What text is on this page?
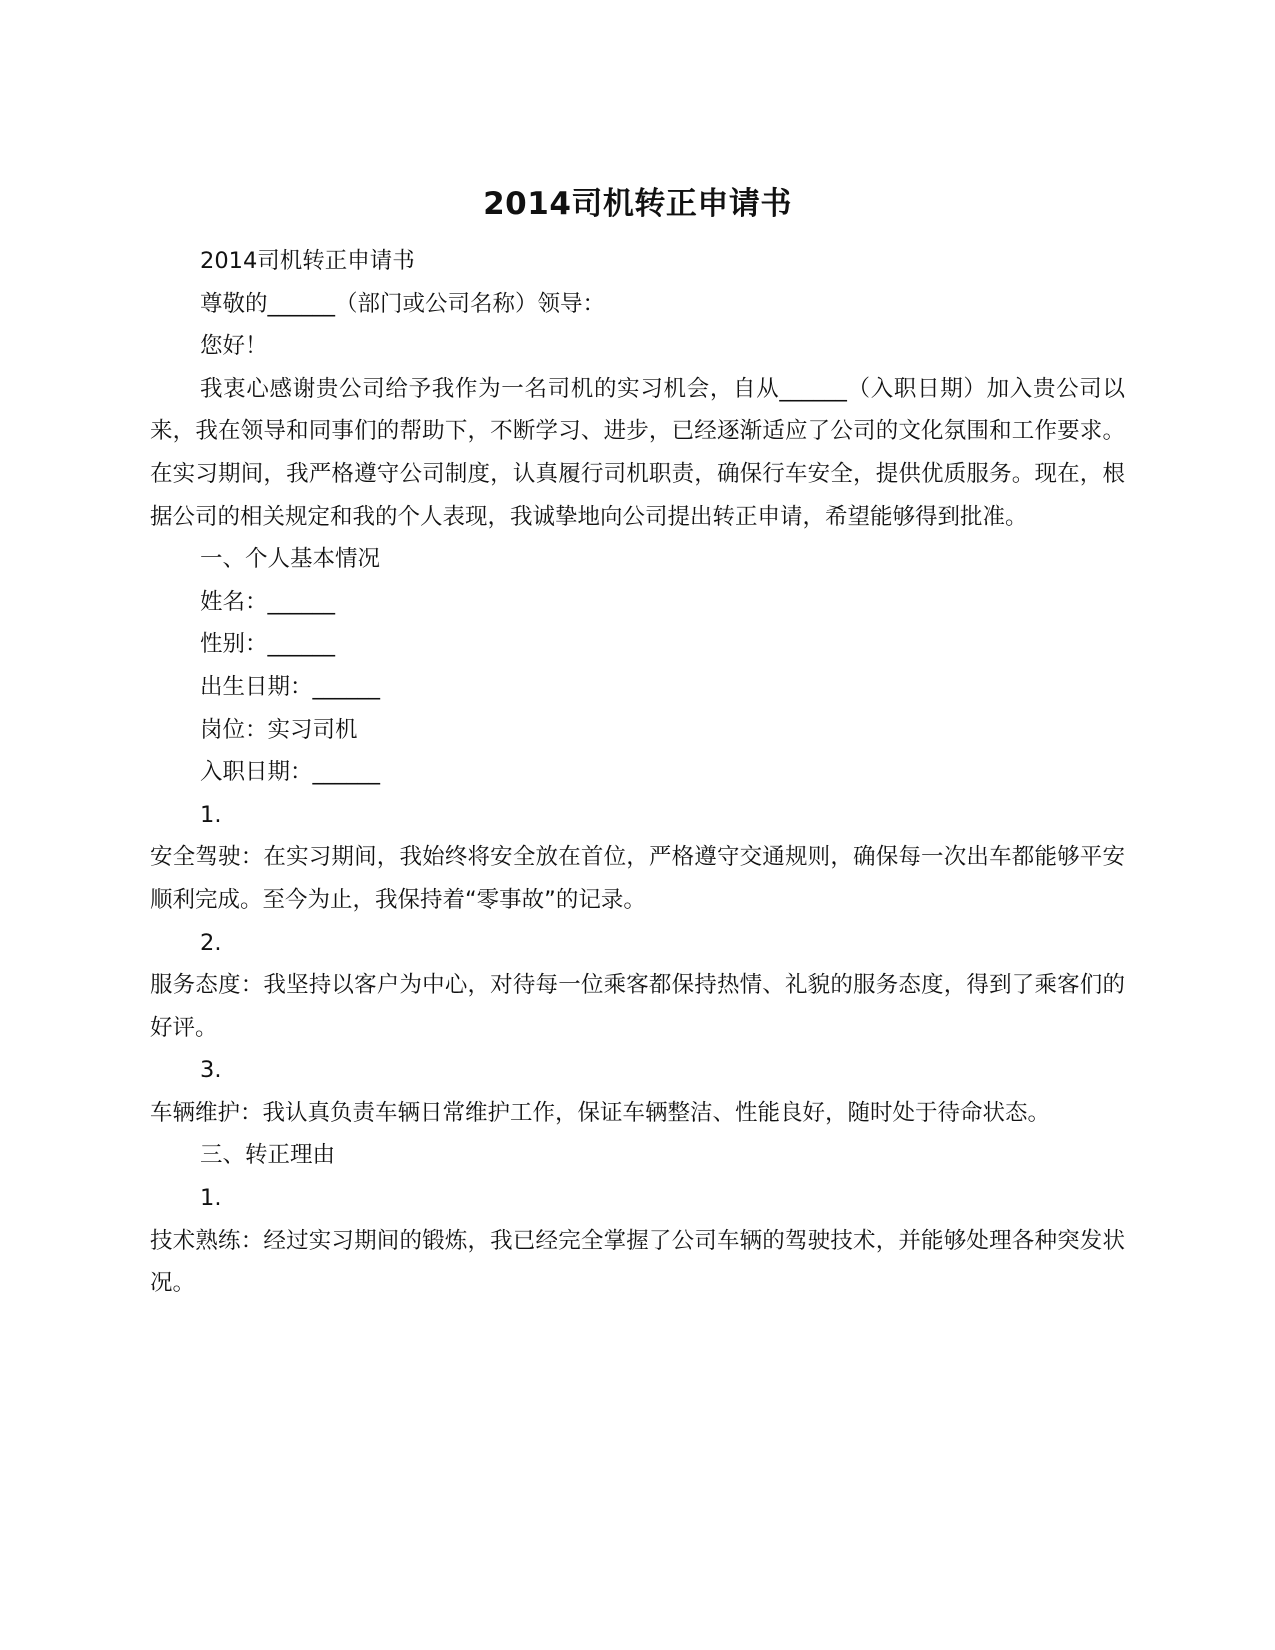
2014司机转正申请书

2014司机转正申请书

尊敬的______（部门或公司名称）领导：

您好！

我衷心感谢贵公司给予我作为一名司机的实习机会，自从______（入职日期）加入贵公司以来，我在领导和同事们的帮助下，不断学习、进步，已经逐渐适应了公司的文化氛围和工作要求。在实习期间，我严格遵守公司制度，认真履行司机职责，确保行车安全，提供优质服务。现在，根据公司的相关规定和我的个人表现，我诚挚地向公司提出转正申请，希望能够得到批准。

一、个人基本情况

姓名：______

性别：______

出生日期：______

岗位：实习司机

入职日期：______

1.

安全驾驶：在实习期间，我始终将安全放在首位，严格遵守交通规则，确保每一次出车都能够平安顺利完成。至今为止，我保持着“零事故”的记录。

2.

服务态度：我坚持以客户为中心，对待每一位乘客都保持热情、礼貌的服务态度，得到了乘客们的好评。

3.

车辆维护：我认真负责车辆日常维护工作，保证车辆整洁、性能良好，随时处于待命状态。

三、转正理由

1.

技术熟练：经过实习期间的锻炼，我已经完全掌握了公司车辆的驾驶技术，并能够处理各种突发状况。
